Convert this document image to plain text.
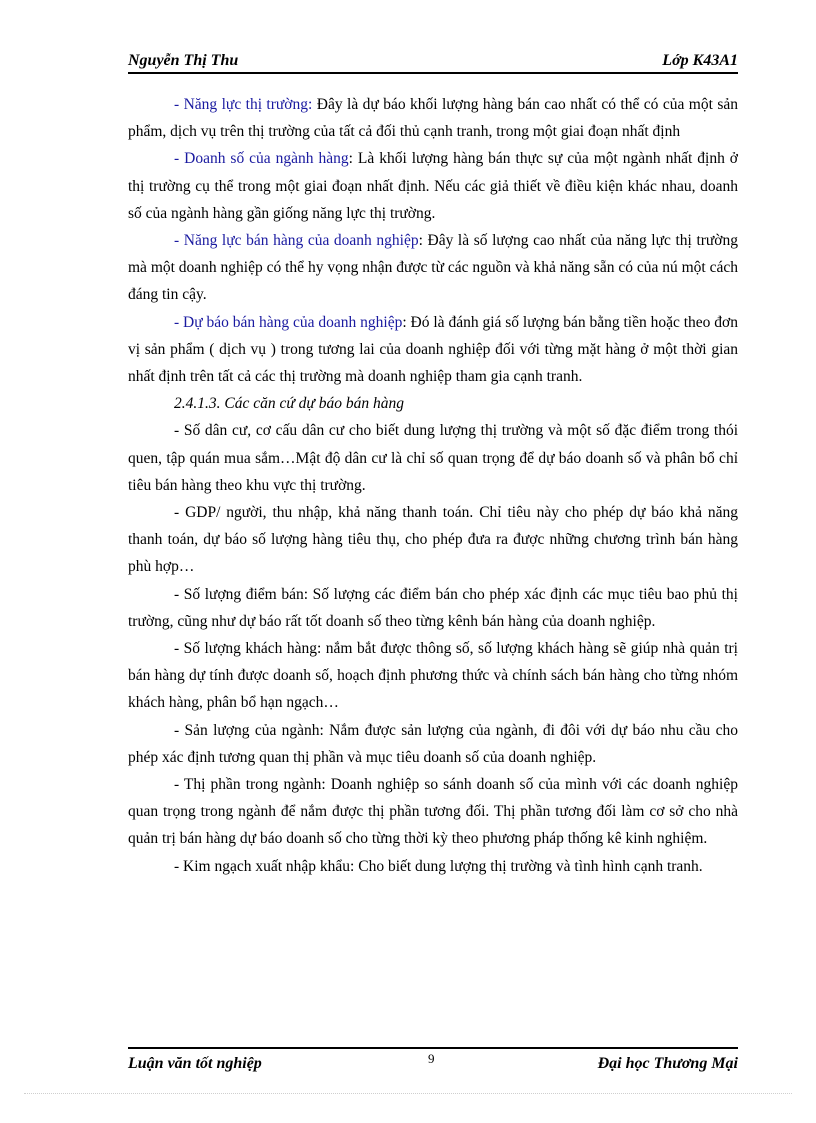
Nguyễn Thị Thu	Lớp K43A1

- Năng lực thị trường: Đây là dự báo khối lượng hàng bán cao nhất có thể có của một sản phẩm, dịch vụ trên thị trường của tất cả đối thủ cạnh tranh, trong một giai đoạn nhất định

- Doanh số của ngành hàng: Là khối lượng hàng bán thực sự của một ngành nhất định ở thị trường cụ thể trong một giai đoạn nhất định. Nếu các giả thiết về điều kiện khác nhau, doanh số của ngành hàng gần giống năng lực thị trường.

- Năng lực bán hàng của doanh nghiệp: Đây là số lượng cao nhất của năng lực thị trường mà một doanh nghiệp có thể hy vọng nhận được từ các nguồn và khả năng sẵn có của nú một cách đáng tin cậy.

- Dự báo bán hàng của doanh nghiệp: Đó là đánh giá số lượng bán bằng tiền hoặc theo đơn vị sản phẩm ( dịch vụ ) trong tương lai của doanh nghiệp đối với từng mặt hàng ở một thời gian nhất định trên tất cả các thị trường mà doanh nghiệp tham gia cạnh tranh.

2.4.1.3. Các căn cứ dự báo bán hàng

- Số dân cư, cơ cấu dân cư cho biết dung lượng thị trường và một số đặc điểm trong thói quen, tập quán mua sắm…Mật độ dân cư là chỉ số quan trọng để dự báo doanh số và phân bổ chỉ tiêu bán hàng theo khu vực thị trường.

- GDP/ người, thu nhập, khả năng thanh toán. Chỉ tiêu này cho phép dự báo khả năng thanh toán, dự báo số lượng hàng tiêu thụ, cho phép đưa ra được những chương trình bán hàng phù hợp…

- Số lượng điểm bán: Số lượng các điểm bán cho phép xác định các mục tiêu bao phủ thị trường, cũng như dự báo rất tốt doanh số theo từng kênh bán hàng của doanh nghiệp.

- Số lượng khách hàng: nắm bắt được thông số, số lượng khách hàng sẽ giúp nhà quản trị bán hàng dự tính được doanh số, hoạch định phương thức và chính sách bán hàng cho từng nhóm khách hàng, phân bổ hạn ngạch…

- Sản lượng của ngành: Nắm được sản lượng của ngành, đi đôi với dự báo nhu cầu cho phép xác định tương quan thị phần và mục tiêu doanh số của doanh nghiệp.

- Thị phần trong ngành: Doanh nghiệp so sánh doanh số của mình với các doanh nghiệp quan trọng trong ngành để nắm được thị phần tương đối. Thị phần tương đối làm cơ sở cho nhà quản trị bán hàng dự báo doanh số cho từng thời kỳ theo phương pháp thống kê kinh nghiệm.

- Kim ngạch xuất nhập khẩu: Cho biết dung lượng thị trường và tình hình cạnh tranh.

Luận văn tốt nghiệp	9	Đại học Thương Mại
